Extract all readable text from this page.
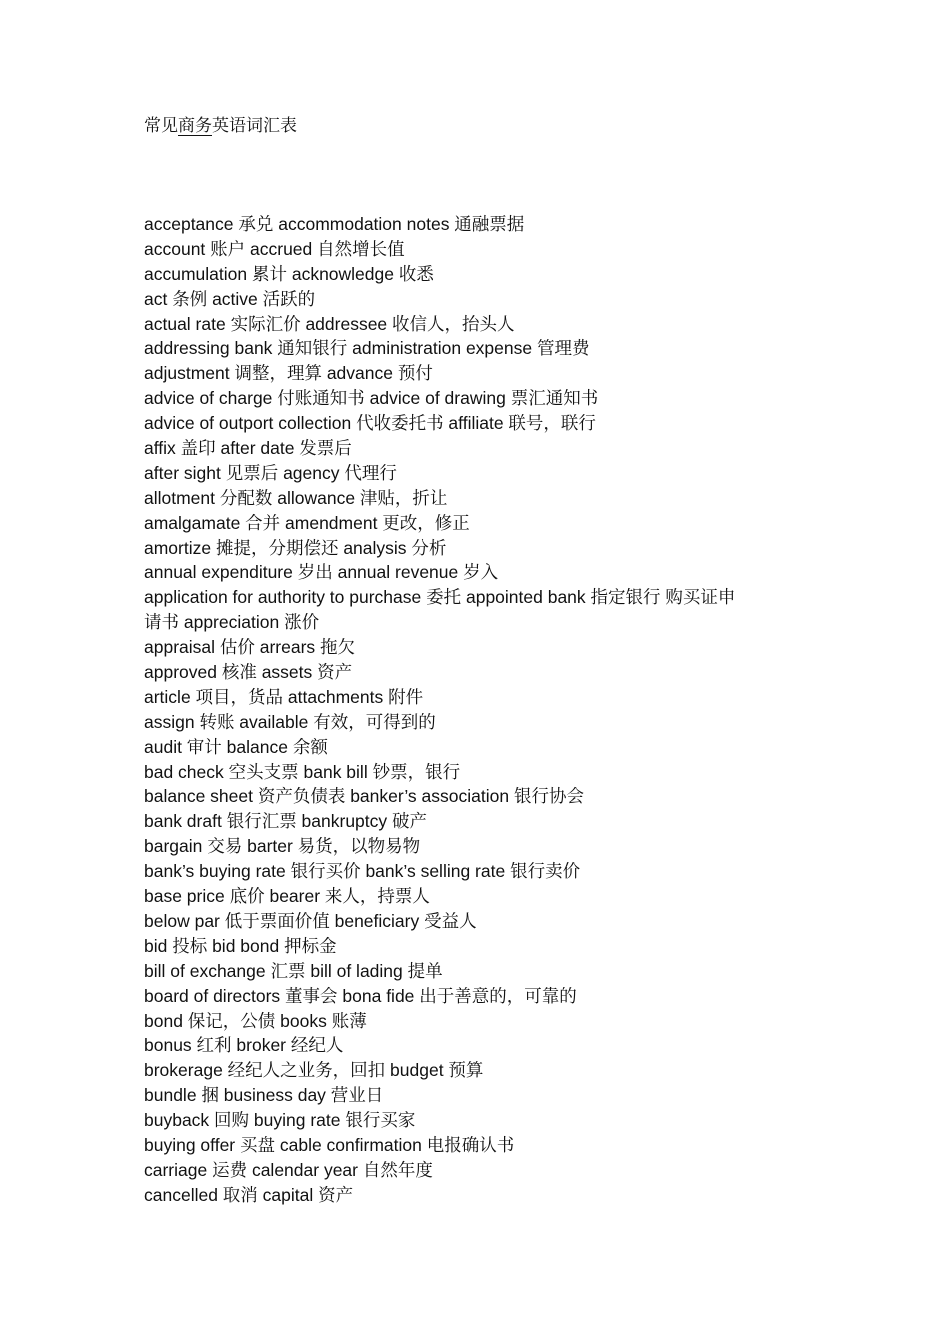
常见商务英语词汇表
acceptance 承兑 accommodation notes 通融票据
account 账户 accrued 自然增长值
accumulation 累计 acknowledge 收悉
act 条例 active 活跃的
actual rate 实际汇价 addressee 收信人，抬头人
addressing bank 通知银行 administration expense 管理费
adjustment 调整，理算 advance 预付
advice of charge 付账通知书 advice of drawing 票汇通知书
advice of outport collection 代收委托书 affiliate 联号，联行
affix 盖印 after date 发票后
after sight 见票后 agency 代理行
allotment 分配数 allowance 津贴，折让
amalgamate 合并 amendment 更改，修正
amortize 摊提，分期偿还 analysis 分析
annual expenditure 岁出 annual revenue 岁入
application for authority to purchase 委托 appointed bank 指定银行 购买证申
请书 appreciation 涨价
appraisal 估价 arrears 拖欠
approved 核准 assets 资产
article 项目，货品 attachments 附件
assign 转账 available 有效，可得到的
audit 审计 balance 余额
bad check 空头支票 bank bill 钞票，银行
balance sheet 资产负债表 banker’s association 银行协会
bank draft 银行汇票 bankruptcy 破产
bargain 交易 barter 易货，以物易物
bank’s buying rate 银行买价 bank’s selling rate 银行卖价
base price 底价 bearer 来人，持票人
below par 低于票面价值 beneficiary 受益人
bid 投标 bid bond 押标金
bill of exchange 汇票 bill of lading 提单
board of directors 董事会 bona fide 出于善意的，可靠的
bond 保记，公债 books 账薄
bonus 红利 broker 经纪人
brokerage 经纪人之业务，回扣 budget 预算
bundle 捆 business day 营业日
buyback 回购 buying rate 银行买家
buying offer 买盘 cable confirmation 电报确认书
carriage 运费 calendar year 自然年度
cancelled 取消 capital 资产
